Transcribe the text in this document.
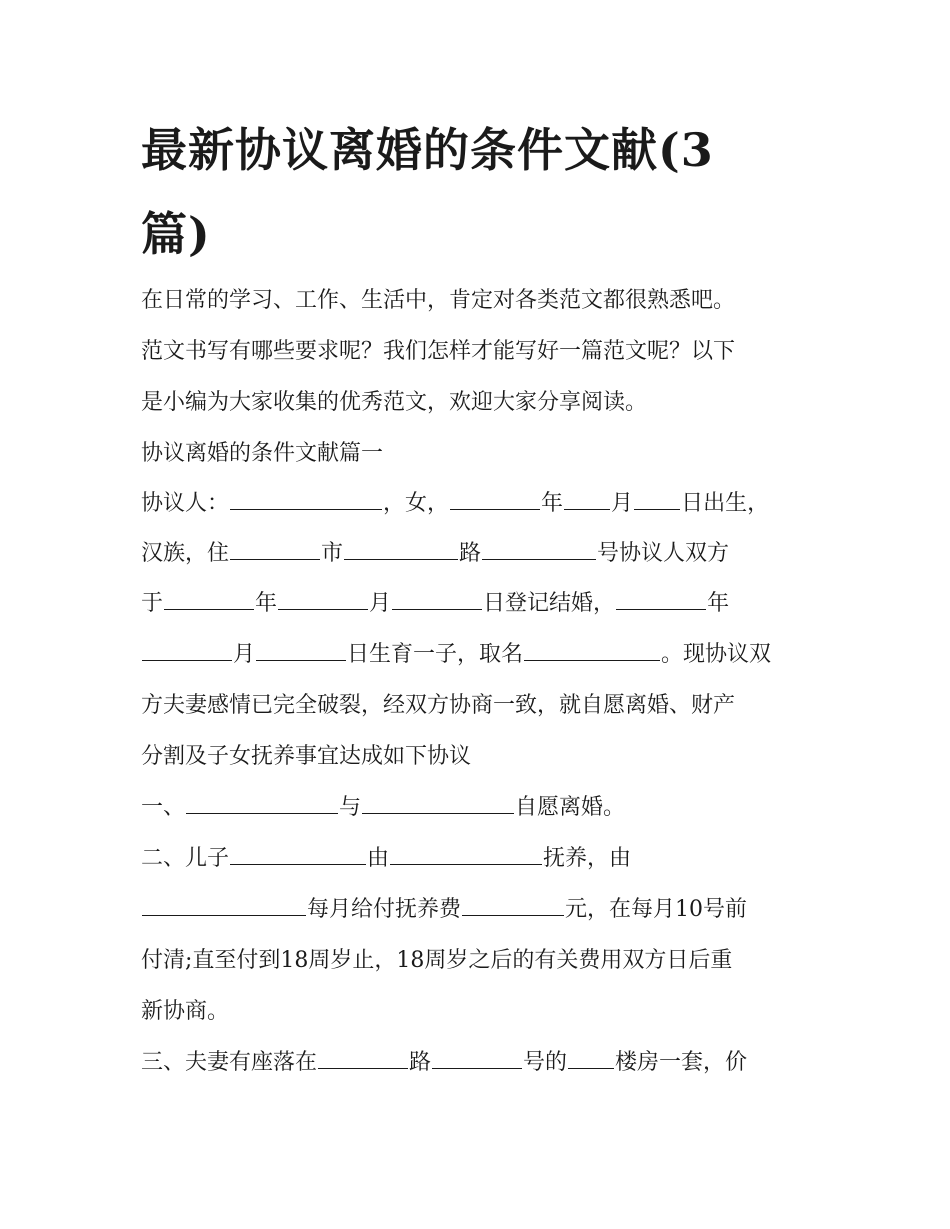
最新协议离婚的条件文献(3篇)
在日常的学习、工作、生活中，肯定对各类范文都很熟悉吧。
范文书写有哪些要求呢？我们怎样才能写好一篇范文呢？以下
是小编为大家收集的优秀范文，欢迎大家分享阅读。
协议离婚的条件文献篇一
协议人：	，女，	年 月 日出生，
汉族，住	市	路	号协议人双方
于	年	月	日登记结婚，	年
月	日生育一子，取名	。现协议双
方夫妻感情已完全破裂，经双方协商一致，就自愿离婚、财产
分割及子女抚养事宜达成如下协议
一、	与	自愿离婚。
二、儿子	由	抚养，由
每月给付抚养费	元，在每月10号前
付清;直至付到18周岁止，18周岁之后的有关费用双方日后重
新协商。
三、夫妻有座落在	路	号的 楼房一套，价
